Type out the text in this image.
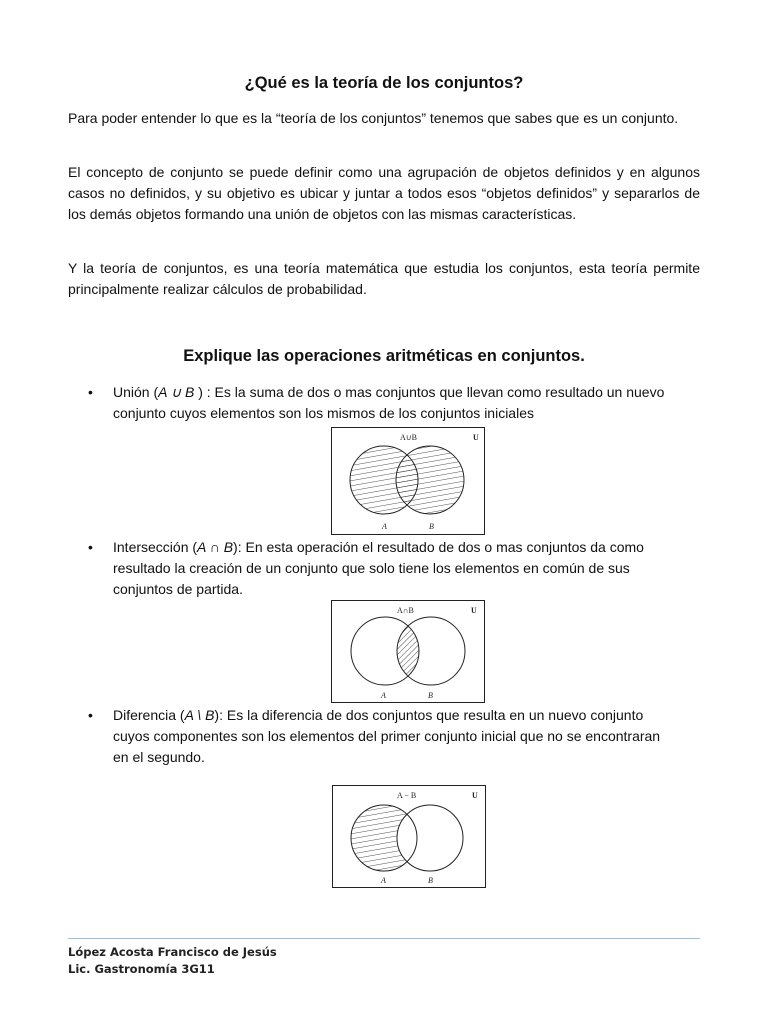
¿Qué es la teoría de los conjuntos?

Para poder entender lo que es la “teoría de los conjuntos” tenemos que sabes que es un conjunto.

El concepto de conjunto se puede definir como una agrupación de objetos definidos y en algunos casos no definidos, y su objetivo es ubicar y juntar a todos esos “objetos definidos” y separarlos de los demás objetos formando una unión de objetos con las mismas características.

Y la teoría de conjuntos, es una teoría matemática que estudia los conjuntos, esta teoría permite principalmente realizar cálculos de probabilidad.

Explique las operaciones aritméticas en conjuntos.
• Unión (A ∪ B ) : Es la suma de dos o mas conjuntos que llevan como resultado un nuevo conjunto cuyos elementos son los mismos de los conjuntos iniciales
A∪B	U
A	B
• Intersección (A ∩ B): En esta operación el resultado de dos o mas conjuntos da como resultado la creación de un conjunto que solo tiene los elementos en común de sus conjuntos de partida.
A∩B	U
A	B
• Diferencia (A \ B): Es la diferencia de dos conjuntos que resulta en un nuevo conjunto cuyos componentes son los elementos del primer conjunto inicial que no se encontraran en el segundo.
A − B	U
A	B
López Acosta Francisco de Jesús
Lic. Gastronomía 3G11
